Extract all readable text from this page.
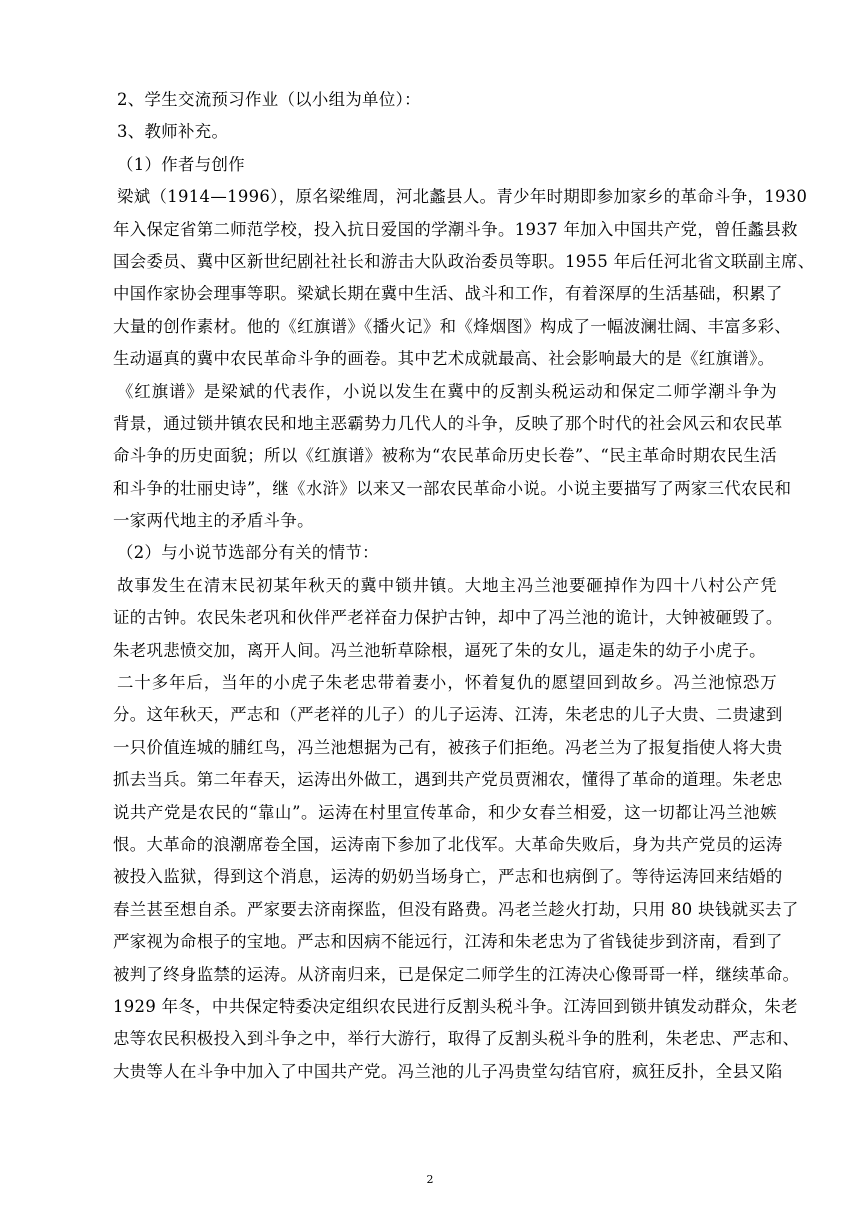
2、学生交流预习作业（以小组为单位）：
3、教师补充。
（1）作者与创作
梁斌（1914—1996），原名梁维周，河北蠡县人。青少年时期即参加家乡的革命斗争，1930
年入保定省第二师范学校，投入抗日爱国的学潮斗争。1937 年加入中国共产党，曾任蠡县救
国会委员、冀中区新世纪剧社社长和游击大队政治委员等职。1955 年后任河北省文联副主席、
中国作家协会理事等职。梁斌长期在冀中生活、战斗和工作，有着深厚的生活基础，积累了
大量的创作素材。他的《红旗谱》《播火记》和《烽烟图》构成了一幅波澜壮阔、丰富多彩、
生动逼真的冀中农民革命斗争的画卷。其中艺术成就最高、社会影响最大的是《红旗谱》。
《红旗谱》是梁斌的代表作，小说以发生在冀中的反割头税运动和保定二师学潮斗争为
背景，通过锁井镇农民和地主恶霸势力几代人的斗争，反映了那个时代的社会风云和农民革
命斗争的历史面貌；所以《红旗谱》被称为“农民革命历史长卷”、“民主革命时期农民生活
和斗争的壮丽史诗”，继《水浒》以来又一部农民革命小说。小说主要描写了两家三代农民和
一家两代地主的矛盾斗争。
（2）与小说节选部分有关的情节：
故事发生在清末民初某年秋天的冀中锁井镇。大地主冯兰池要砸掉作为四十八村公产凭
证的古钟。农民朱老巩和伙伴严老祥奋力保护古钟，却中了冯兰池的诡计，大钟被砸毁了。
朱老巩悲愤交加，离开人间。冯兰池斩草除根，逼死了朱的女儿，逼走朱的幼子小虎子。
二十多年后，当年的小虎子朱老忠带着妻小，怀着复仇的愿望回到故乡。冯兰池惊恐万
分。这年秋天，严志和（严老祥的儿子）的儿子运涛、江涛，朱老忠的儿子大贵、二贵逮到
一只价值连城的脯红鸟，冯兰池想据为己有，被孩子们拒绝。冯老兰为了报复指使人将大贵
抓去当兵。第二年春天，运涛出外做工，遇到共产党员贾湘农，懂得了革命的道理。朱老忠
说共产党是农民的“靠山”。运涛在村里宣传革命，和少女春兰相爱，这一切都让冯兰池嫉
恨。大革命的浪潮席卷全国，运涛南下参加了北伐军。大革命失败后，身为共产党员的运涛
被投入监狱，得到这个消息，运涛的奶奶当场身亡，严志和也病倒了。等待运涛回来结婚的
春兰甚至想自杀。严家要去济南探监，但没有路费。冯老兰趁火打劫，只用 80 块钱就买去了
严家视为命根子的宝地。严志和因病不能远行，江涛和朱老忠为了省钱徒步到济南，看到了
被判了终身监禁的运涛。从济南归来，已是保定二师学生的江涛决心像哥哥一样，继续革命。
1929 年冬，中共保定特委决定组织农民进行反割头税斗争。江涛回到锁井镇发动群众，朱老
忠等农民积极投入到斗争之中，举行大游行，取得了反割头税斗争的胜利，朱老忠、严志和、
大贵等人在斗争中加入了中国共产党。冯兰池的儿子冯贵堂勾结官府，疯狂反扑，全县又陷
2
